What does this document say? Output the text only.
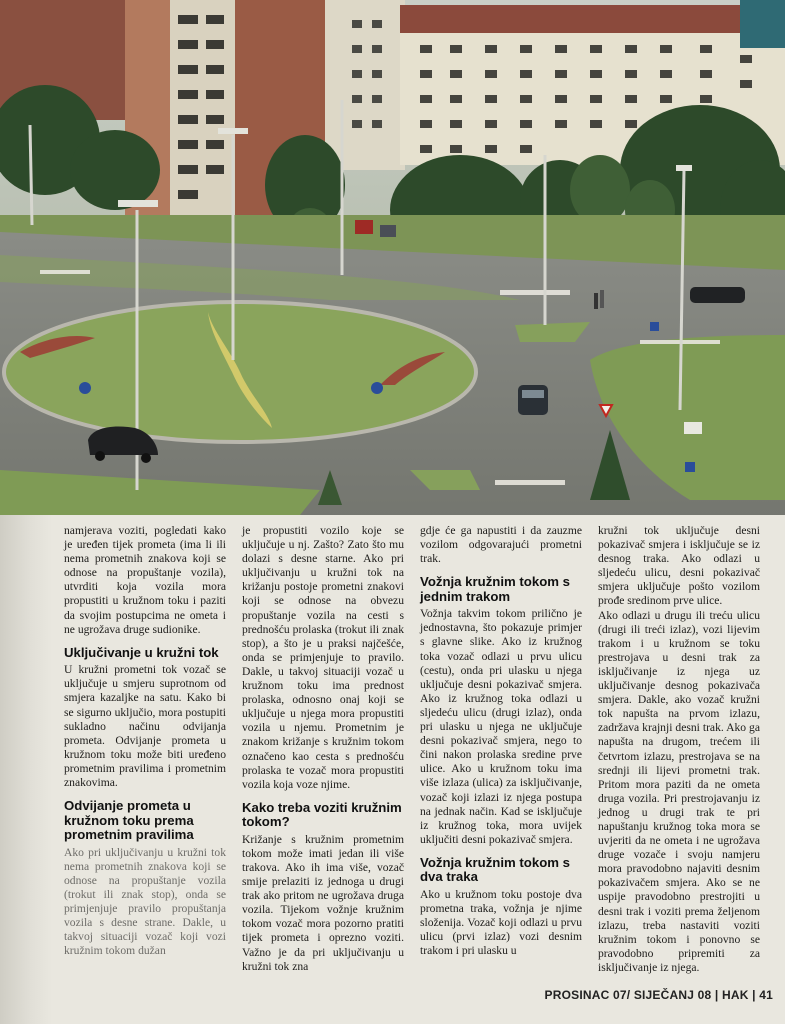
namjerava voziti, pogledati kako je uređen tijek prometa (ima li ili nema prometnih znakova koji se odnose na propuštanje vozila), utvrditi koja vozila mora propustiti u kružnom toku i paziti da svojim postupcima ne ometa i ne ugrožava druge sudionike.

Uključivanje u kružni tok

U kružni prometni tok vozač se uključuje u smjeru suprotnom od smjera kazaljke na satu. Kako bi se sigurno uključio, mora postupiti sukladno načinu odvijanja prometa. Odvijanje prometa u kružnom toku može biti uređeno prometnim pravilima i prometnim znakovima.

Odvijanje prometa u kružnom toku prema prometnim pravilima

Ako pri uključivanju u kružni tok nema prometnih znakova koji se odnose na propuštanje vozila (trokut ili znak stop), onda se primjenjuje pravilo propuštanja vozila s desne strane. Dakle, u takvoj situaciji vozač koji vozi kružnim tokom dužan

je propustiti vozilo koje se uključuje u nj. Zašto? Zato što mu dolazi s desne starne. Ako pri uključivanju u kružni tok na križanju postoje prometni znakovi koji se odnose na obvezu propuštanje vozila na cesti s prednošću prolaska (trokut ili znak stop), a što je u praksi najčešće, onda se primjenjuje to pravilo. Dakle, u takvoj situaciji vozač u kružnom toku ima prednost prolaska, odnosno onaj koji se uključuje u njega mora propustiti vozila u njemu. Prometnim je znakom križanje s kružnim tokom označeno kao cesta s prednošću prolaska te vozač mora propustiti vozila koja voze njime.

Kako treba voziti kružnim tokom?

Križanje s kružnim prometnim tokom može imati jedan ili više trakova. Ako ih ima više, vozač smije prelaziti iz jednoga u drugi trak ako pritom ne ugrožava druga vozila. Tijekom vožnje kružnim tokom vozač mora pozorno pratiti tijek prometa i oprezno voziti. Važno je da pri uključivanju u kružni tok zna

gdje će ga napustiti i da zauzme vozilom odgovarajući prometni trak.

Vožnja kružnim tokom s jednim trakom

Vožnja takvim tokom prilično je jednostavna, što pokazuje primjer s glavne slike. Ako iz kružnog toka vozač odlazi u prvu ulicu (cestu), onda pri ulasku u njega uključuje desni pokazivač smjera. Ako iz kružnog toka odlazi u sljedeću ulicu (drugi izlaz), onda pri ulasku u njega ne uključuje desni pokazivač smjera, nego to čini nakon prolaska sredine prve ulice. Ako u kružnom toku ima više izlaza (ulica) za isključivanje, vozač koji izlazi iz njega postupa na jednak način. Kad se isključuje iz kružnog toka, mora uvijek uključiti desni pokazivač smjera.

Vožnja kružnim tokom s dva traka

Ako u kružnom toku postoje dva prometna traka, vožnja je njime složenija. Vozač koji odlazi u prvu ulicu (prvi izlaz) vozi desnim trakom i pri ulasku u

kružni tok uključuje desni pokazivač smjera i isključuje se iz desnog traka. Ako odlazi u sljedeću ulicu, desni pokazivač smjera uključuje pošto vozilom prođe sredinom prve ulice.

Ako odlazi u drugu ili treću ulicu (drugi ili treći izlaz), vozi lijevim trakom i u kružnom se toku prestrojava u desni trak za isključivanje iz njega uz uključivanje desnog pokazivača smjera. Dakle, ako vozač kružni tok napušta na prvom izlazu, zadržava krajnji desni trak. Ako ga napušta na drugom, trećem ili četvrtom izlazu, prestrojava se na srednji ili lijevi prometni trak. Pritom mora paziti da ne ometa druga vozila. Pri prestrojavanju iz jednog u drugi trak te pri napuštanju kružnog toka mora se uvjeriti da ne ometa i ne ugrožava druge vozače i svoju namjeru mora pravodobno najaviti desnim pokazivačem smjera. Ako se ne uspije pravodobno prestrojiti u desni trak i voziti prema željenom izlazu, treba nastaviti voziti kružnim tokom i ponovno se pravodobno pripremiti za isključivanje iz njega.

PROSINAC 07/ SIJEČANJ 08 | HAK | 41
